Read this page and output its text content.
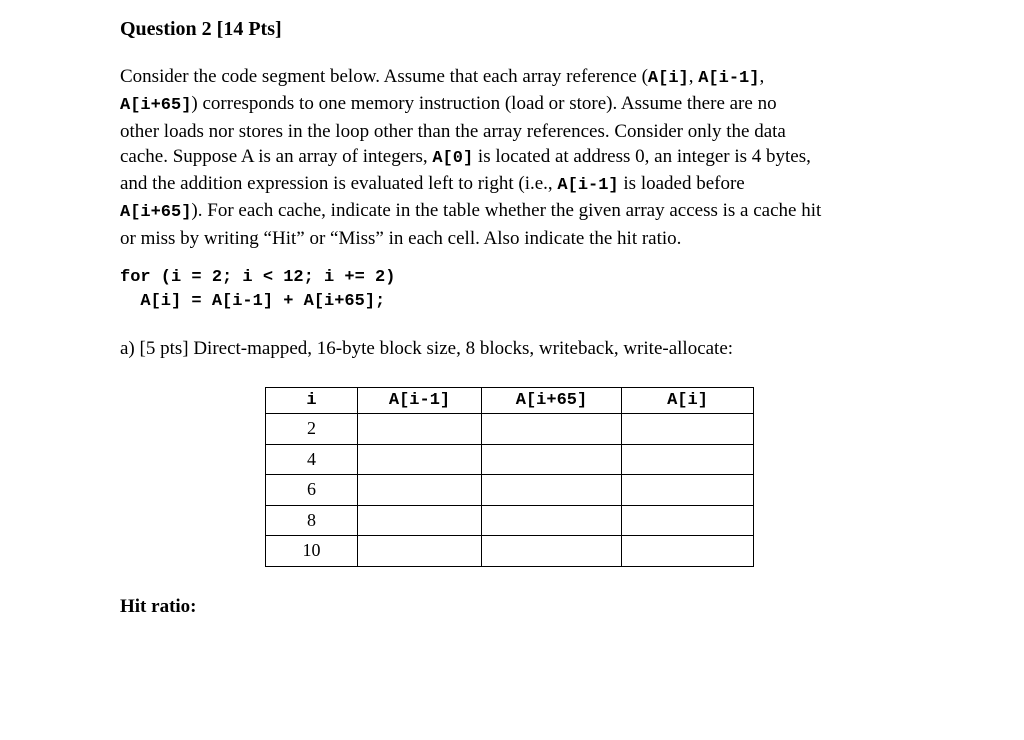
Question 2 [14 Pts]
Consider the code segment below. Assume that each array reference (A[i], A[i-1],
A[i+65]) corresponds to one memory instruction (load or store). Assume there are no
other loads nor stores in the loop other than the array references. Consider only the data
cache. Suppose A is an array of integers, A[0] is located at address 0, an integer is 4 bytes,
and the addition expression is evaluated left to right (i.e., A[i-1] is loaded before
A[i+65]). For each cache, indicate in the table whether the given array access is a cache hit
or miss by writing “Hit” or “Miss” in each cell. Also indicate the hit ratio.
for (i = 2; i < 12; i += 2)
A[i] = A[i-1] + A[i+65];
a) [5 pts] Direct-mapped, 16-byte block size, 8 blocks, writeback, write-allocate:
i	A[i-1]	A[i+65]	A[i]
2			
4			
6			
8			
10			
Hit ratio:
